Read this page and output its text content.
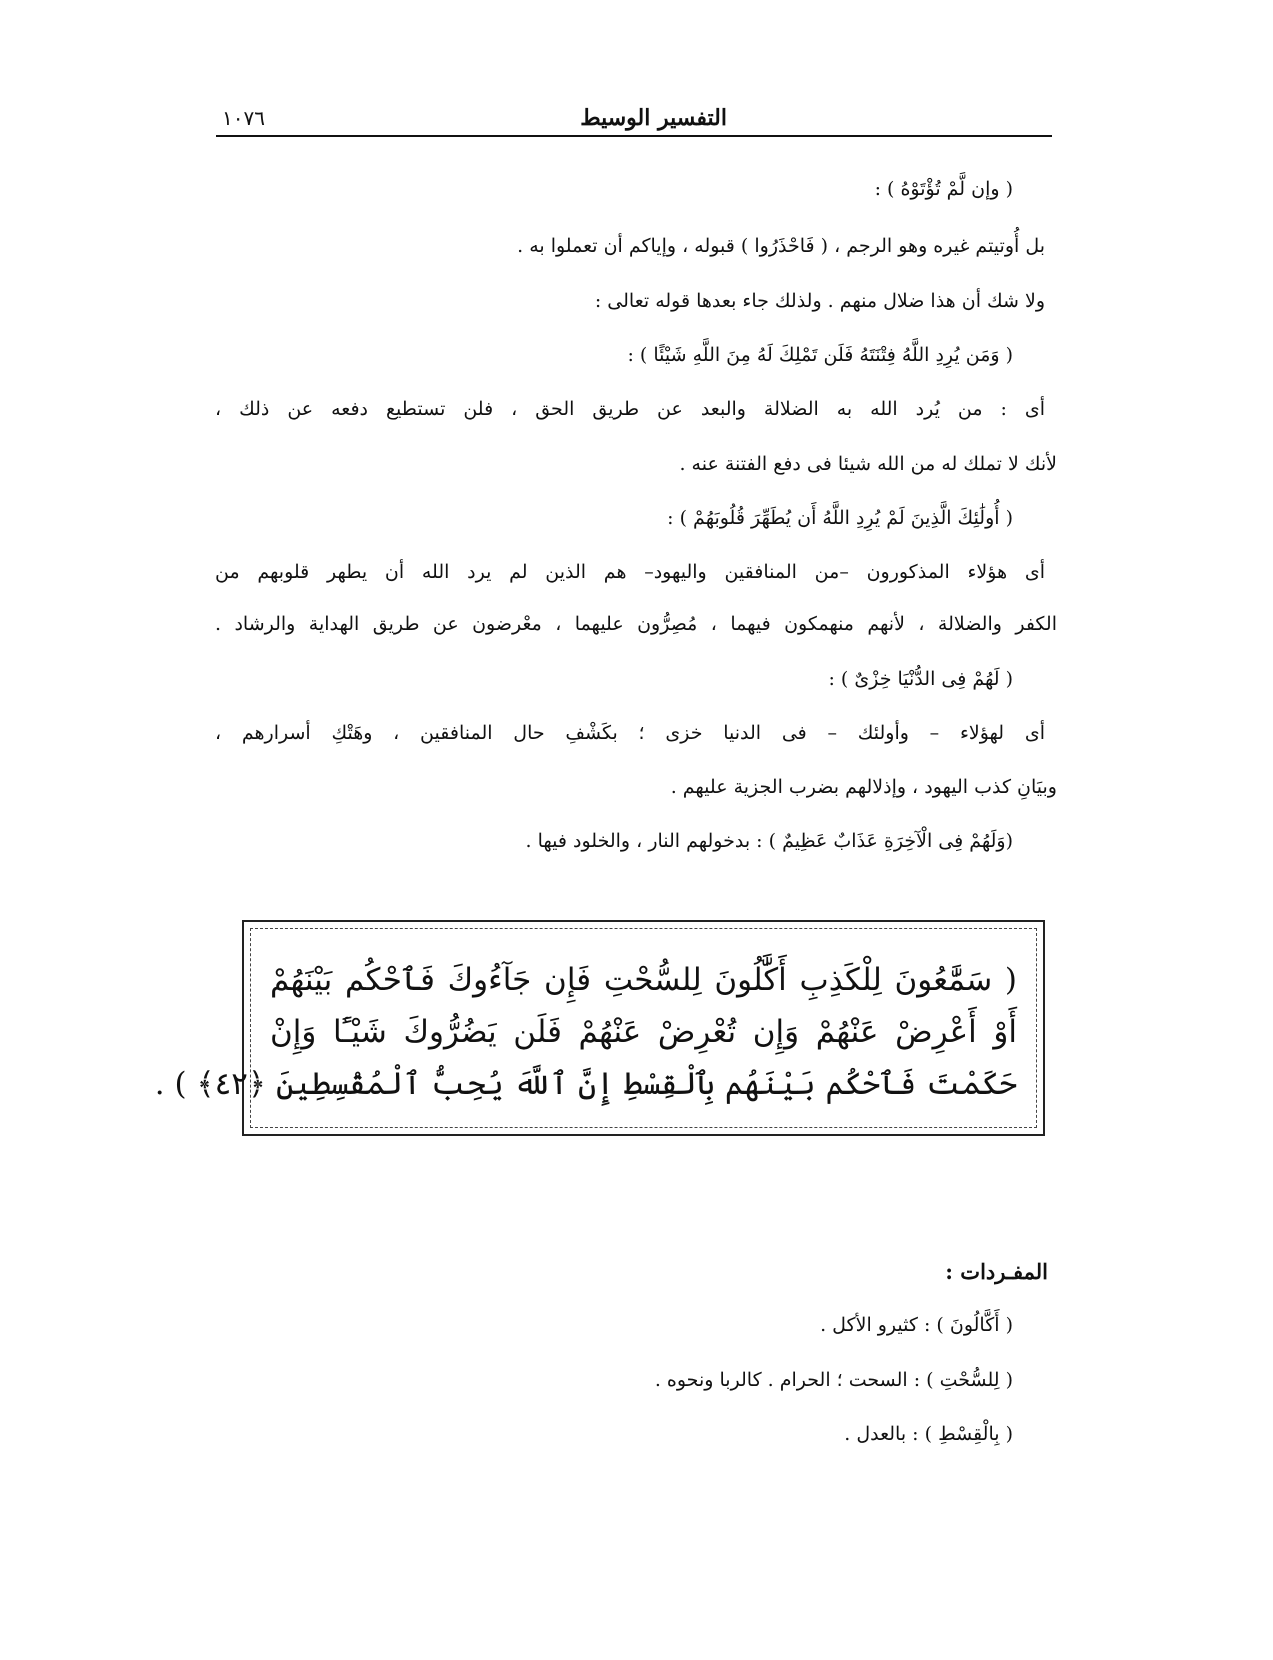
التفسير الوسيط
١٠٧٦
( وإن لَّمْ تُؤْتَوْهُ ) :
بل أُوتيتم غيره وهو الرجم ، ( فَاحْذَرُوا ) قبوله ، وإياكم أن تعملوا به .
ولا شك أن هذا ضلال منهم . ولذلك جاء بعدها قوله تعالى :
( وَمَن يُرِدِ اللَّهُ فِتْنَتَهُ فَلَن تَمْلِكَ لَهُ مِنَ اللَّهِ شَيْئًا ) :
أى : من يُرد الله به الضلالة والبعد عن طريق الحق ، فلن تستطيع دفعه عن ذلك ،
لأنك لا تملك له من الله شيئا فى دفع الفتنة عنه .
( أُولَٰئِكَ الَّذِينَ لَمْ يُرِدِ اللَّهُ أَن يُطَهِّرَ قُلُوبَهُمْ ) :
أى هؤلاء المذكورون –من المنافقين واليهود– هم الذين لم يرد الله أن يطهر قلوبهم من
الكفر والضلالة ، لأنهم منهمكون فيهما ، مُصِرُّون عليهما ، معْرضون عن طريق الهداية والرشاد .
( لَهُمْ فِى الدُّنْيَا خِزْىٌ ) :
أى لهؤلاء – وأولئك – فى الدنيا خزى ؛ بكَشْفِ حال المنافقين ، وهَتْكِ أسرارهم ،
وبيَانِ كذب اليهود ، وإذلالهم بضرب الجزية عليهم .
(وَلَهُمْ فِى الْآخِرَةِ عَذَابٌ عَظِيمٌ ) : بدخولهم النار ، والخلود فيها .
( سَمَّٰعُونَ لِلْكَذِبِ أَكَّٰلُونَ لِلسُّحْتِ فَإِن جَآءُوكَ فَٱحْكُم بَيْنَهُمْ
أَوْ أَعْرِضْ عَنْهُمْ وَإِن تُعْرِضْ عَنْهُمْ فَلَن يَضُرُّوكَ شَيْـًٔا وَإِنْ
حَكَمْتَ فَٱحْكُم بَيْنَهُم بِٱلْقِسْطِ إِنَّ ٱللَّهَ يُحِبُّ ٱلْمُقْسِطِينَ ﴿٤٢﴾ ) .
المفـردات :
( أَكَّالُونَ ) : كثيرو الأكل .
( لِلسُّحْتِ ) : السحت ؛ الحرام . كالربا ونحوه .
( بِالْقِسْطِ ) : بالعدل .
